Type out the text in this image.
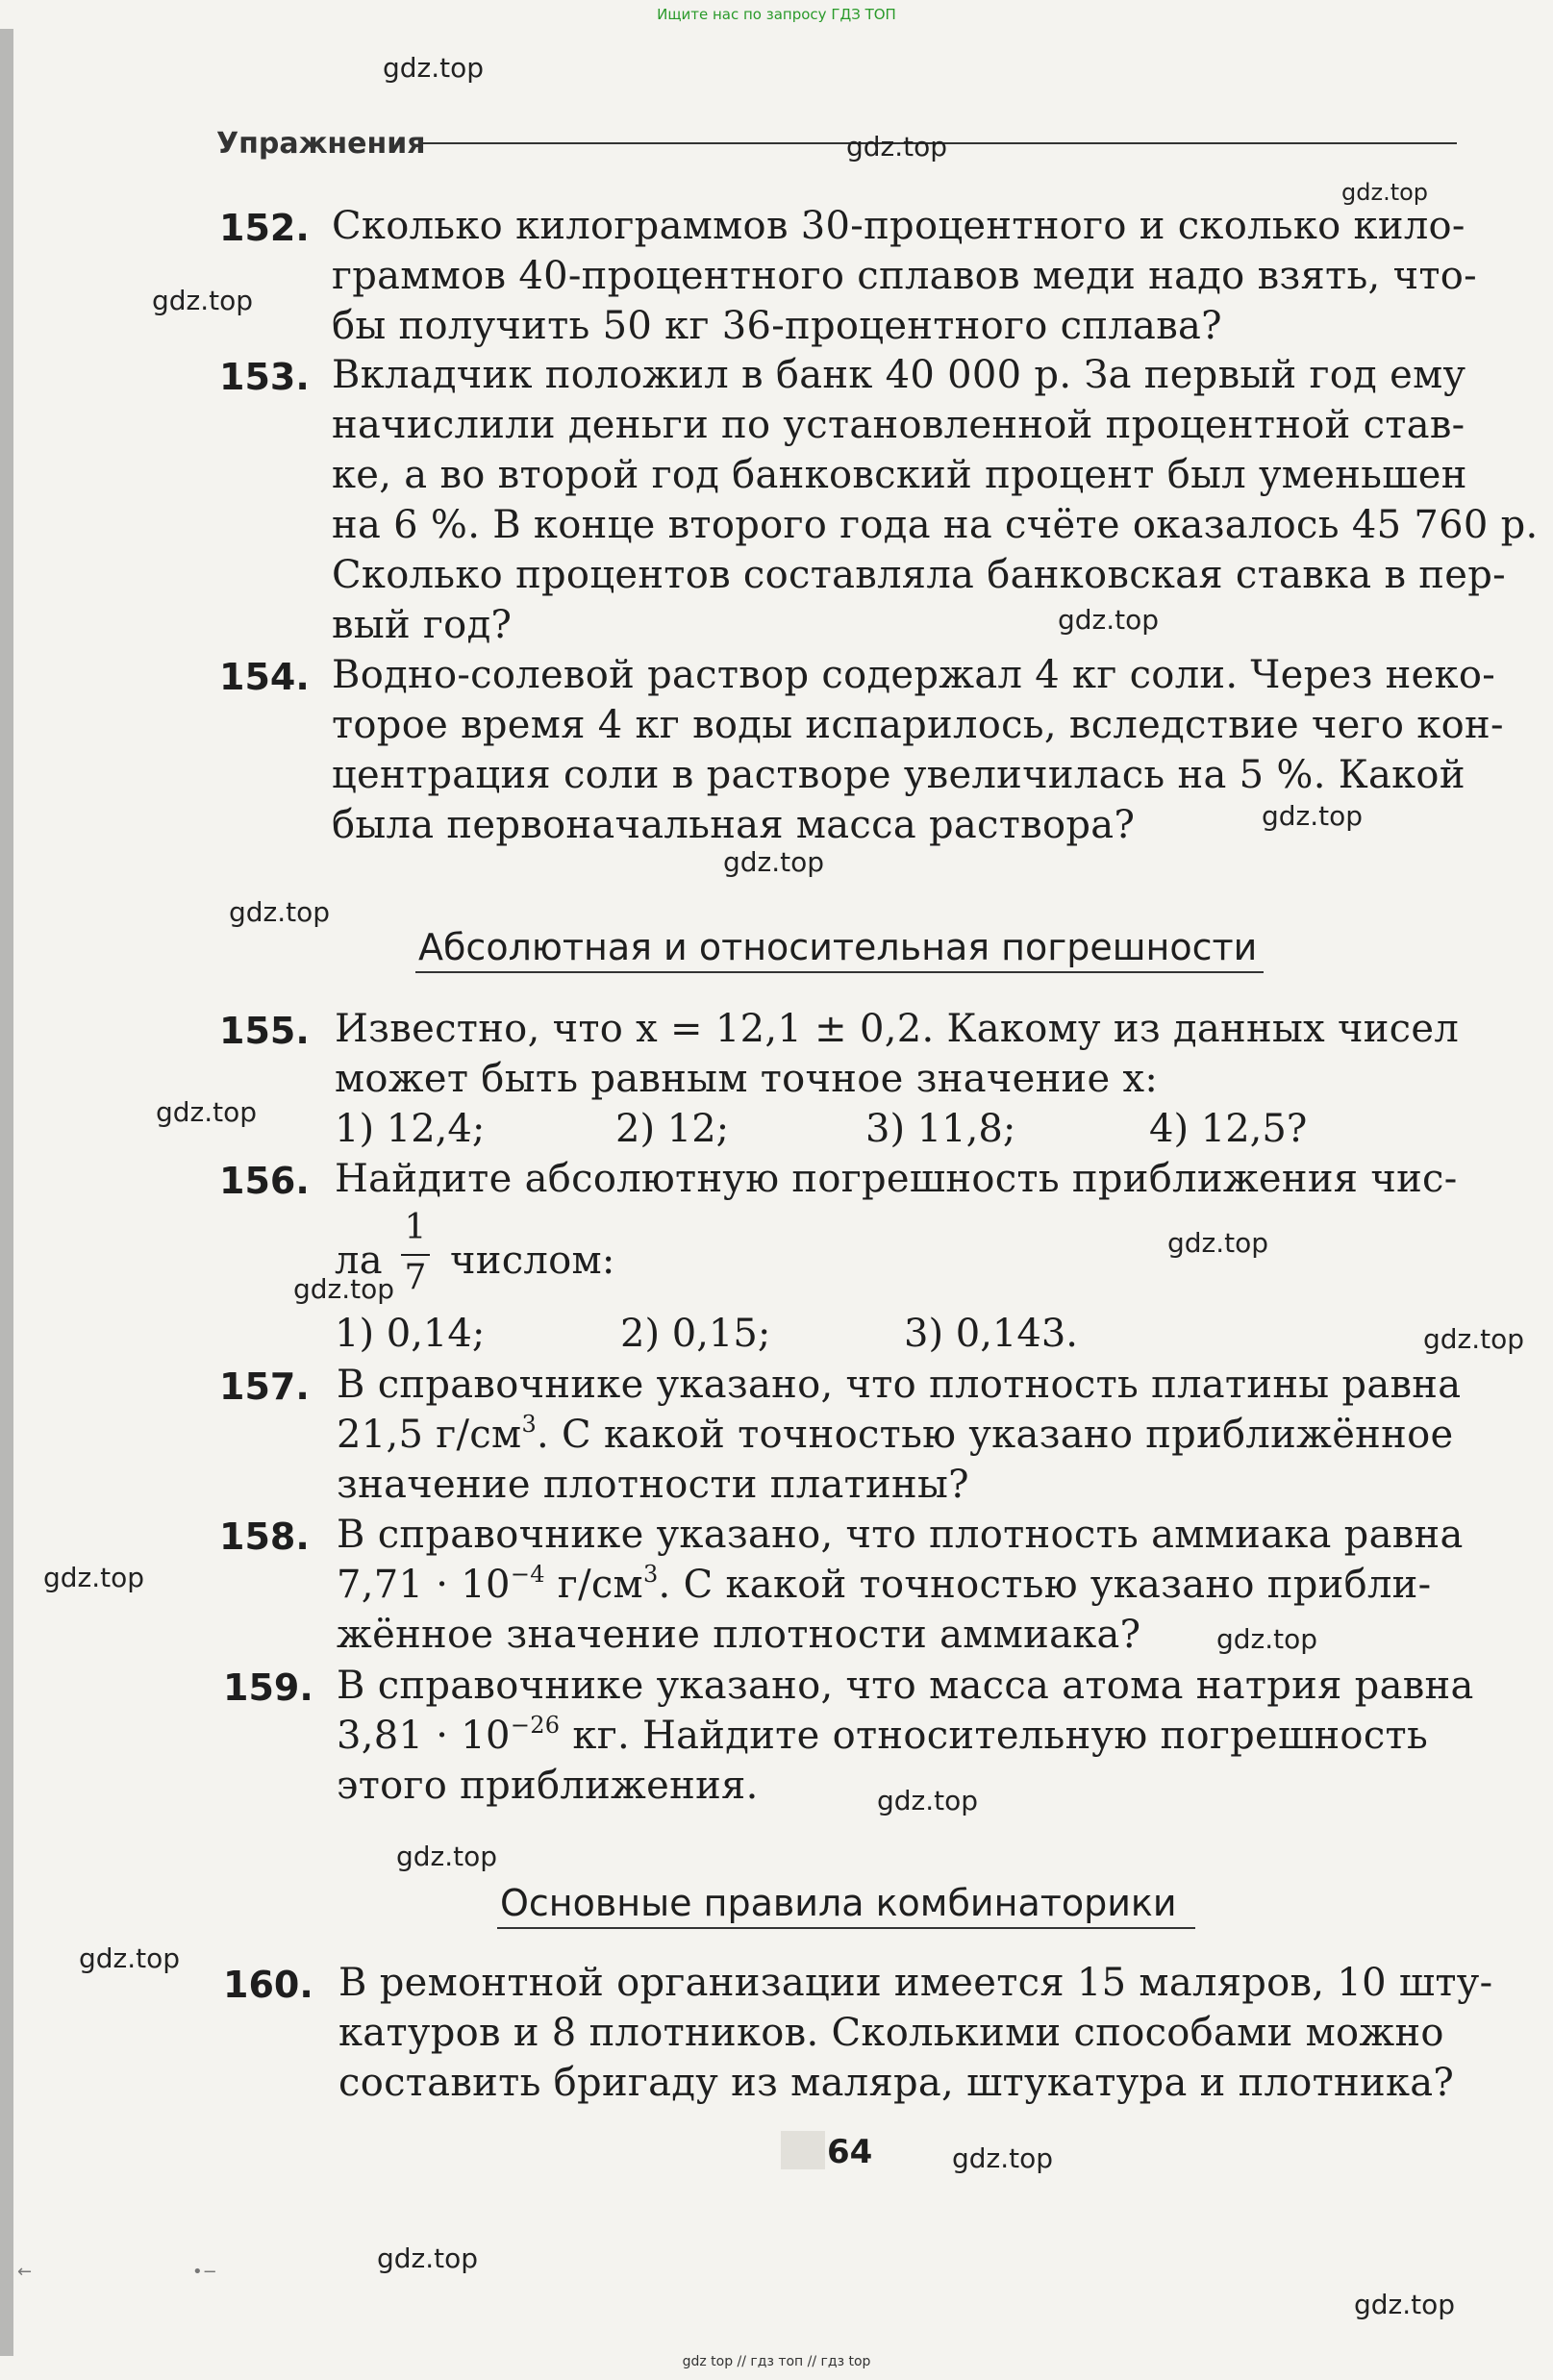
Ищите нас по запросу ГДЗ ТОП
Упражнения
152. Сколько килограммов 30-процентного и сколько кило-
граммов 40-процентного сплавов меди надо взять, что-
бы получить 50 кг 36-процентного сплава?
153. Вкладчик положил в банк 40 000 р. За первый год ему
начислили деньги по установленной процентной став-
ке, а во второй год банковский процент был уменьшен
на 6 %. В конце второго года на счёте оказалось 45 760 р.
Сколько процентов составляла банковская ставка в пер-
вый год?
154. Водно-солевой раствор содержал 4 кг соли. Через неко-
торое время 4 кг воды испарилось, вследствие чего кон-
центрация соли в растворе увеличилась на 5 %. Какой
была первоначальная масса раствора?
Абсолютная и относительная погрешности
155. Известно, что x = 12,1 ± 0,2. Какому из данных чисел
может быть равным точное значение x:
1) 12,4;	2) 12;	3) 11,8;	4) 12,5?
156. Найдите абсолютную погрешность приближения чис-
ла
1
7 числом:
1) 0,14;	2) 0,15;	3) 0,143.
157. В справочнике указано, что плотность платины равна
21,5 $г/см^3$. С какой точностью указано приближённое
значение плотности платины?
158. В справочнике указано, что плотность аммиака равна
$7,71 \cdot 10^{-4}$ $г/см^3$. С какой точностью указано прибли-
жённое значение плотности аммиака?
159. В справочнике указано, что масса атома натрия равна
$3,81 \cdot 10^{-26}$ кг. Найдите относительную погрешность
этого приближения.
Основные правила комбинаторики
160. В ремонтной организации имеется 15 маляров, 10 шту-
катуров и 8 плотников. Сколькими способами можно
составить бригаду из маляра, штукатура и плотника?
64
←	•−
gdz.top
gdz.top
gdz.top
gdz.top
gdz.top
gdz.top
gdz.top
gdz.top
gdz.top
gdz.top
gdz.top
gdz.top
gdz.top
gdz.top
gdz.top
gdz.top
gdz.top
gdz.top
gdz.top
gdz.top
gdz top // гдз топ // гдз top
